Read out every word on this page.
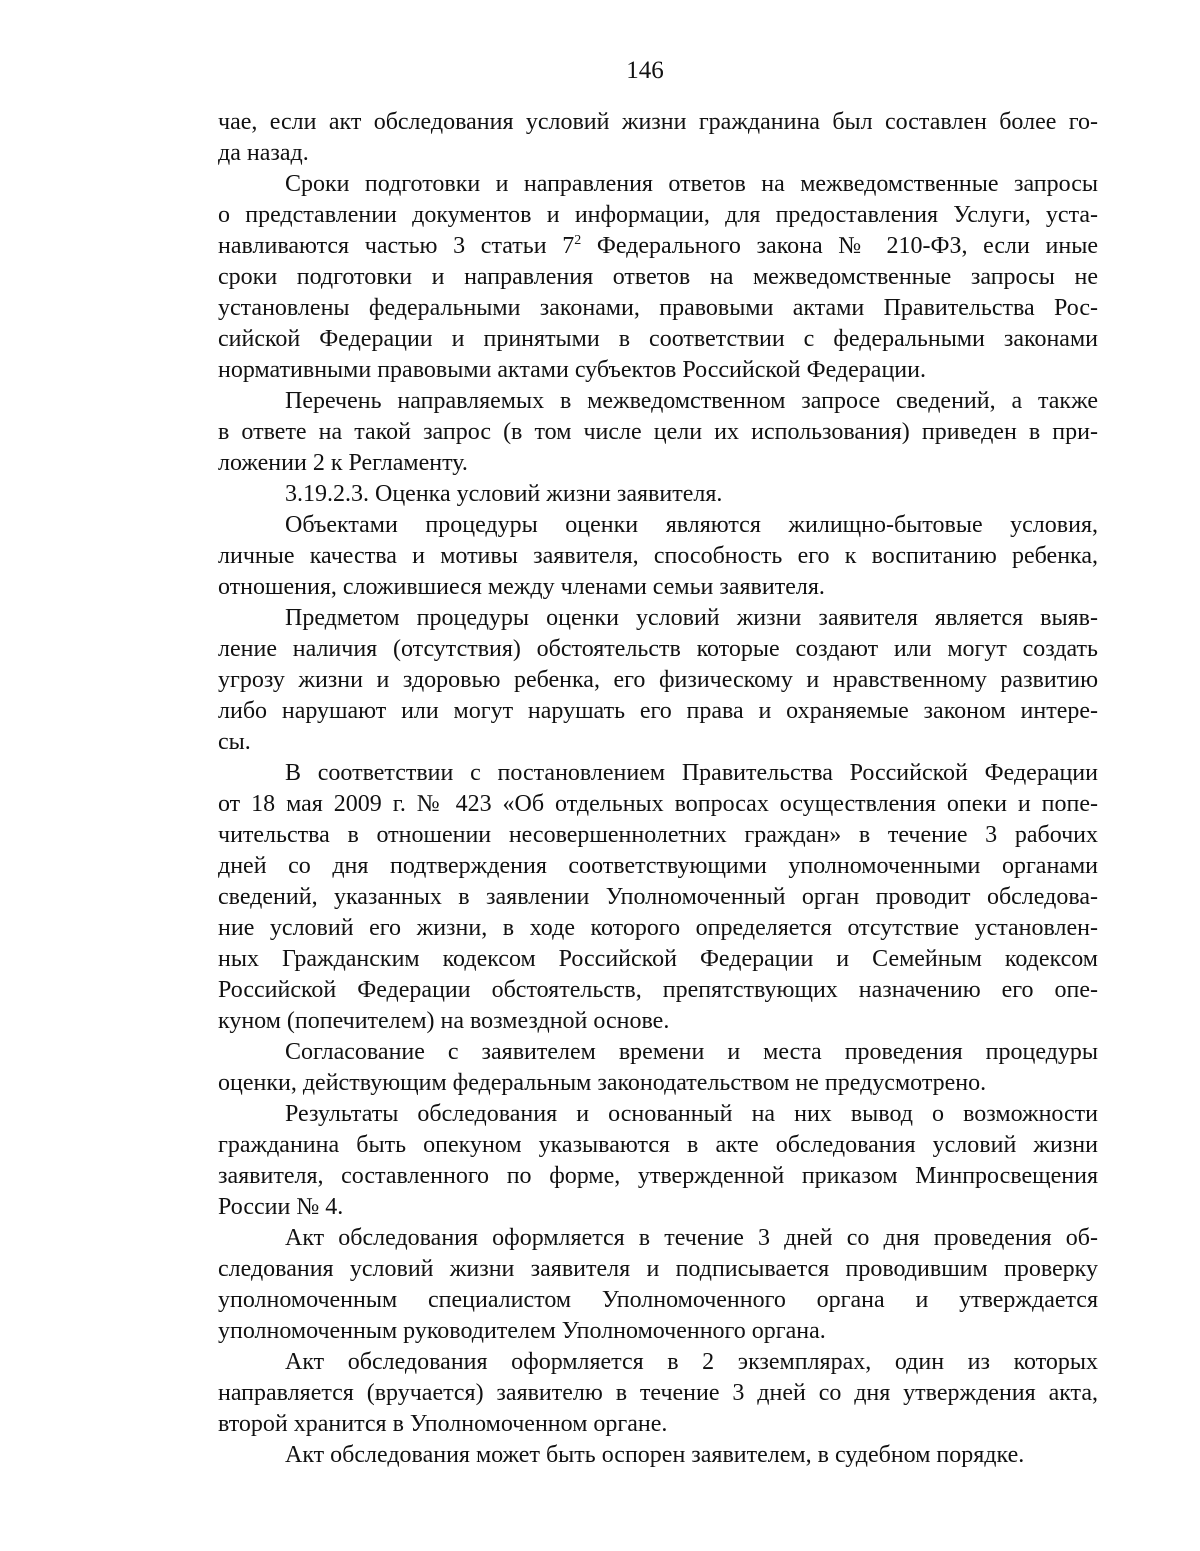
146

чае, если акт обследования условий жизни гражданина был составлен более го-
да назад.

Сроки подготовки и направления ответов на межведомственные запросы
о представлении документов и информации, для предоставления Услуги, уста-
навливаются частью 3 статьи $7^2$ Федерального закона № 210-ФЗ, если иные
сроки подготовки и направления ответов на межведомственные запросы не
установлены федеральными законами, правовыми актами Правительства Рос-
сийской Федерации и принятыми в соответствии с федеральными законами
нормативными правовыми актами субъектов Российской Федерации.

Перечень направляемых в межведомственном запросе сведений, а также
в ответе на такой запрос (в том числе цели их использования) приведен в при-
ложении 2 к Регламенту.

3.19.2.3. Оценка условий жизни заявителя.

Объектами процедуры оценки являются жилищно-бытовые условия,
личные качества и мотивы заявителя, способность его к воспитанию ребенка,
отношения, сложившиеся между членами семьи заявителя.

Предметом процедуры оценки условий жизни заявителя является выяв-
ление наличия (отсутствия) обстоятельств которые создают или могут создать
угрозу жизни и здоровью ребенка, его физическому и нравственному развитию
либо нарушают или могут нарушать его права и охраняемые законом интере-
сы.

В соответствии с постановлением Правительства Российской Федерации
от 18 мая 2009 г. № 423 «Об отдельных вопросах осуществления опеки и попе-
чительства в отношении несовершеннолетних граждан» в течение 3 рабочих
дней со дня подтверждения соответствующими уполномоченными органами
сведений, указанных в заявлении Уполномоченный орган проводит обследова-
ние условий его жизни, в ходе которого определяется отсутствие установлен-
ных Гражданским кодексом Российской Федерации и Семейным кодексом
Российской Федерации обстоятельств, препятствующих назначению его опе-
куном (попечителем) на возмездной основе.

Согласование с заявителем времени и места проведения процедуры
оценки, действующим федеральным законодательством не предусмотрено.

Результаты обследования и основанный на них вывод о возможности
гражданина быть опекуном указываются в акте обследования условий жизни
заявителя, составленного по форме, утвержденной приказом Минпросвещения
России № 4.

Акт обследования оформляется в течение 3 дней со дня проведения об-
следования условий жизни заявителя и подписывается проводившим проверку
уполномоченным специалистом Уполномоченного органа и утверждается
уполномоченным руководителем Уполномоченного органа.

Акт обследования оформляется в 2 экземплярах, один из которых
направляется (вручается) заявителю в течение 3 дней со дня утверждения акта,
второй хранится в Уполномоченном органе.

Акт обследования может быть оспорен заявителем, в судебном порядке.
